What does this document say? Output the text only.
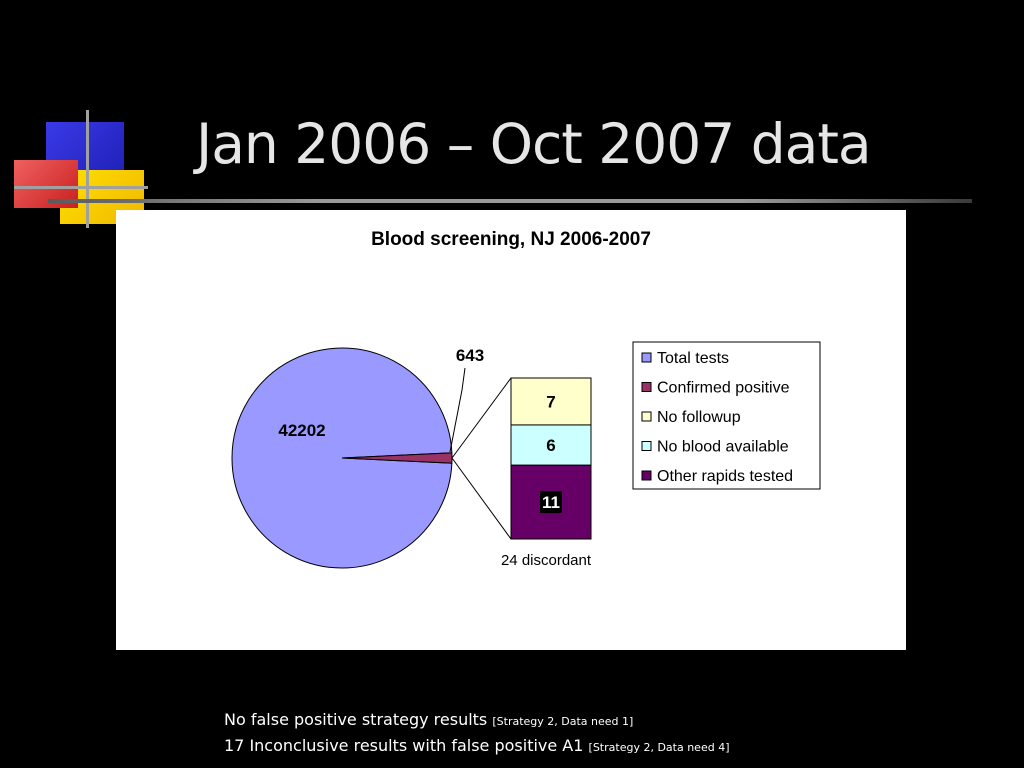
Jan 2006 – Oct 2007 data
Blood screening, NJ 2006-2007
42202
643
7
6
11
24 discordant
Total tests
Confirmed positive
No followup
No blood available
Other rapids tested
No false positive strategy results [Strategy 2, Data need 1]
17 Inconclusive results with false positive A1 [Strategy 2, Data need 4]
